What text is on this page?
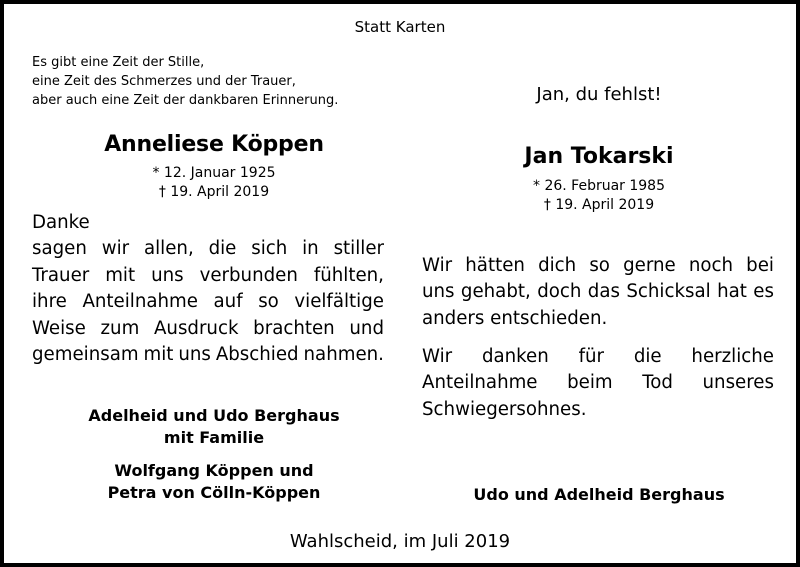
Statt Karten
Es gibt eine Zeit der Stille,
eine Zeit des Schmerzes und der Trauer,
aber auch eine Zeit der dankbaren Erinnerung.
Anneliese Köppen
* 12. Januar 1925
† 19. April 2019
Danke
sagen wir allen, die sich in stiller
Trauer mit uns verbunden fühlten,
ihre Anteilnahme auf so vielfältige
Weise zum Ausdruck brachten und
gemeinsam mit uns Abschied nahmen.
Adelheid und Udo Berghaus
mit Familie
Wolfgang Köppen und
Petra von Cölln-Köppen
Jan, du fehlst!
Jan Tokarski
* 26. Februar 1985
† 19. April 2019
Wir hätten dich so gerne noch bei
uns gehabt, doch das Schicksal hat es
anders entschieden.
Wir danken für die herzliche
Anteilnahme beim Tod unseres
Schwiegersohnes.
Udo und Adelheid Berghaus
Wahlscheid, im Juli 2019
